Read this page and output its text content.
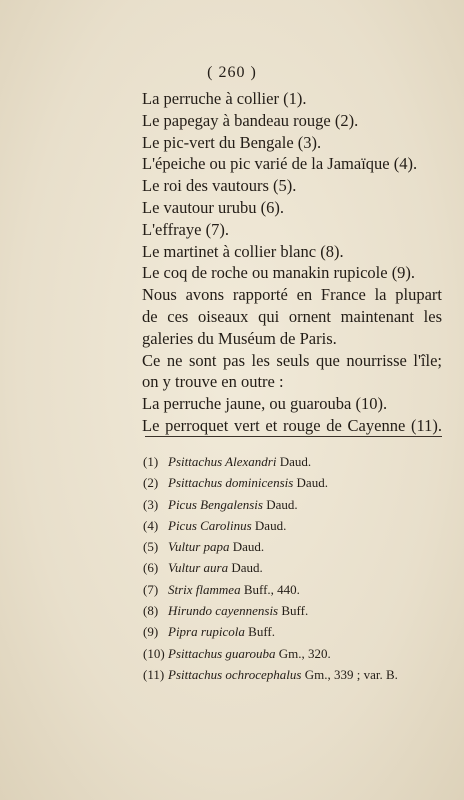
( 260 )
La perruche à collier (1).
Le papegay à bandeau rouge (2).
Le pic-vert du Bengale (3).
L'épeiche ou pic varié de la Jamaïque (4).
Le roi des vautours (5).
Le vautour urubu (6).
L'effraye (7).
Le martinet à collier blanc (8).
Le coq de roche ou manakin rupicole (9).
Nous avons rapporté en France la plupart
de ces oiseaux qui ornent maintenant les
galeries du Muséum de Paris.
Ce ne sont pas les seuls que nourrisse l'île;
on y trouve en outre :
La perruche jaune, ou guarouba (10).
Le perroquet vert et rouge de Cayenne (11).
(1) Psittachus Alexandri Daud.
(2) Psittachus dominicensis Daud.
(3) Picus Bengalensis Daud.
(4) Picus Carolinus Daud.
(5) Vultur papa Daud.
(6) Vultur aura Daud.
(7) Strix flammea Buff., 440.
(8) Hirundo cayennensis Buff.
(9) Pipra rupicola Buff.
(10) Psittachus guarouba Gm., 320.
(11) Psittachus ochrocephalus Gm., 339 ; var. B.
